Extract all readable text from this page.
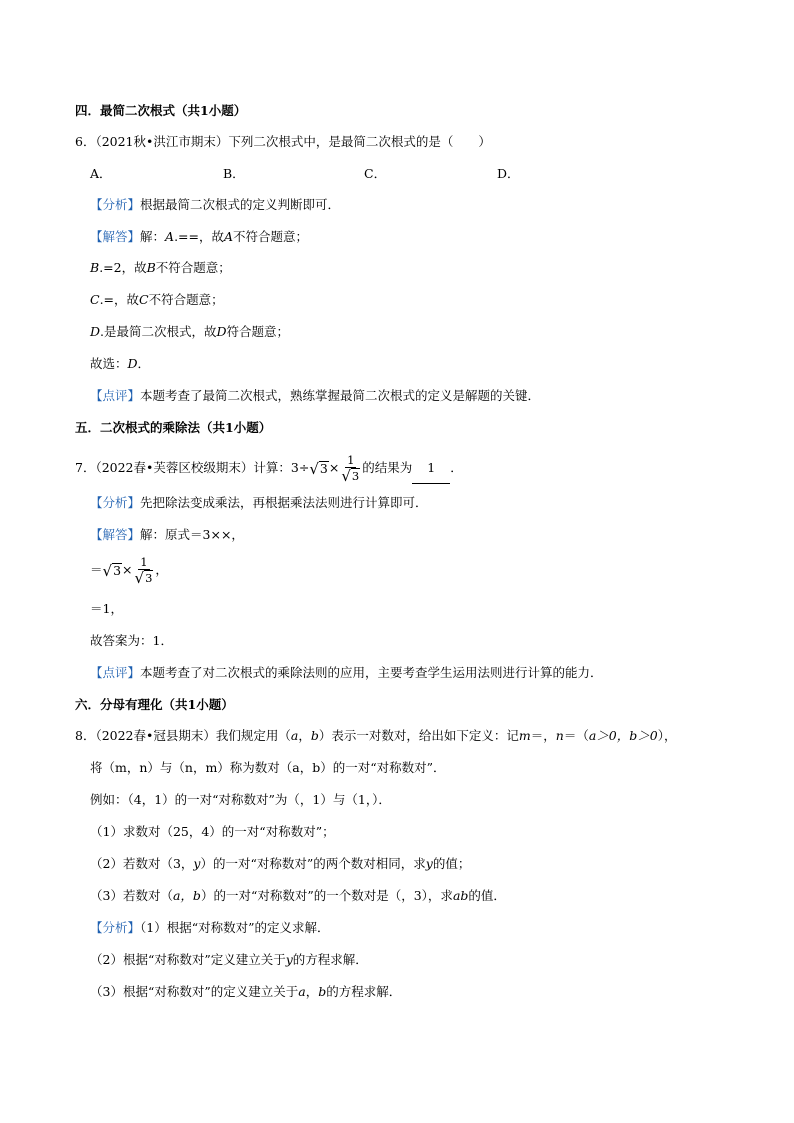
四．最简二次根式（共1小题）
6．（2021秋•洪江市期末）下列二次根式中，是最简二次根式的是（　　）
A．	B．	C．	D．
【分析】根据最简二次根式的定义判断即可．
【解答】解：A.==，故A不符合题意；
B.=2，故B不符合题意；
C.=，故C不符合题意；
D.是最简二次根式，故D符合题意；
故选：D．
【点评】本题考查了最简二次根式，熟练掌握最简二次根式的定义是解题的关键．
五．二次根式的乘除法（共1小题）
7．（2022春•芙蓉区校级期末）计算：3÷ √ $3 \times \frac{1}{√ 3}$ 的结果为 1 ．
【分析】先把除法变成乘法，再根据乘法法则进行计算即可．
【解答】解：原式＝3××，
＝ √ $3 \times \frac{1}{√ 3}$ ，
＝1，
故答案为：1．
【点评】本题考查了对二次根式的乘除法则的应用，主要考查学生运用法则进行计算的能力．
六．分母有理化（共1小题）
8．（2022春•冠县期末）我们规定用（a，b）表示一对数对，给出如下定义：记m＝，n＝（a＞0，b＞0），
将（m，n）与（n，m）称为数对（a，b）的一对“对称数对”．
例如：（4，1）的一对“对称数对”为（，1）与（1，）．
（1）求数对（25，4）的一对“对称数对”；
（2）若数对（3，y）的一对“对称数对”的两个数对相同，求y的值；
（3）若数对（a，b）的一对“对称数对”的一个数对是（，3），求ab的值．
【分析】（1）根据“对称数对”的定义求解．
（2）根据“对称数对”定义建立关于y的方程求解．
（3）根据“对称数对”的定义建立关于a，b的方程求解．
